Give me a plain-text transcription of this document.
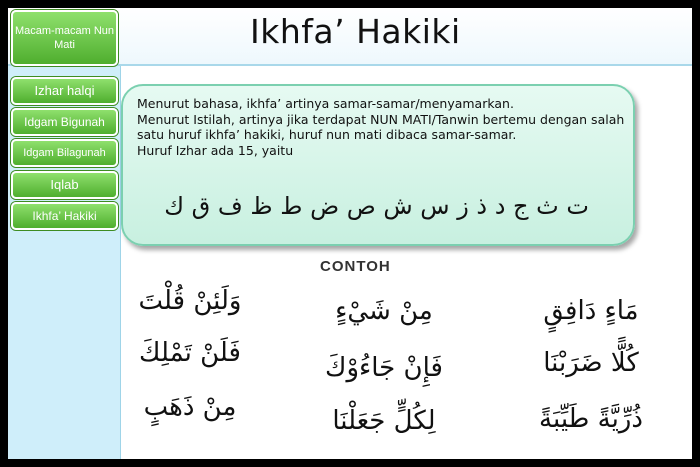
Ikhfa’ Hakiki
Macam-macam Nun Mati
Izhar halqi
Idgam Bigunah
Idgam Bilagunah
Iqlab
Ikhfa’ Hakiki

Menurut bahasa, ikhfa’ artinya samar-samar/menyamarkan.

Menurut Istilah, artinya jika terdapat NUN MATI/Tanwin bertemu dengan salah satu huruf ikhfa’ hakiki, huruf nun mati dibaca samar-samar.

Huruf Izhar ada 15, yaitu

ت ث ج د ذ ز س ش ص ض ط ظ ف ق ك
CONTOH
وَلَئِنْ قُلْتَ
فَلَنْ تَمْلِكَ
مِنْ ذَهَبٍ
مِنْ شَيْءٍ
فَإِنْ جَاءُوْكَ
لِكُلٍّ جَعَلْنَا
مَاءٍ دَافِقٍ
كُلًّا ضَرَبْنَا
ذُرِّيَّةً طَيِّبَةً
